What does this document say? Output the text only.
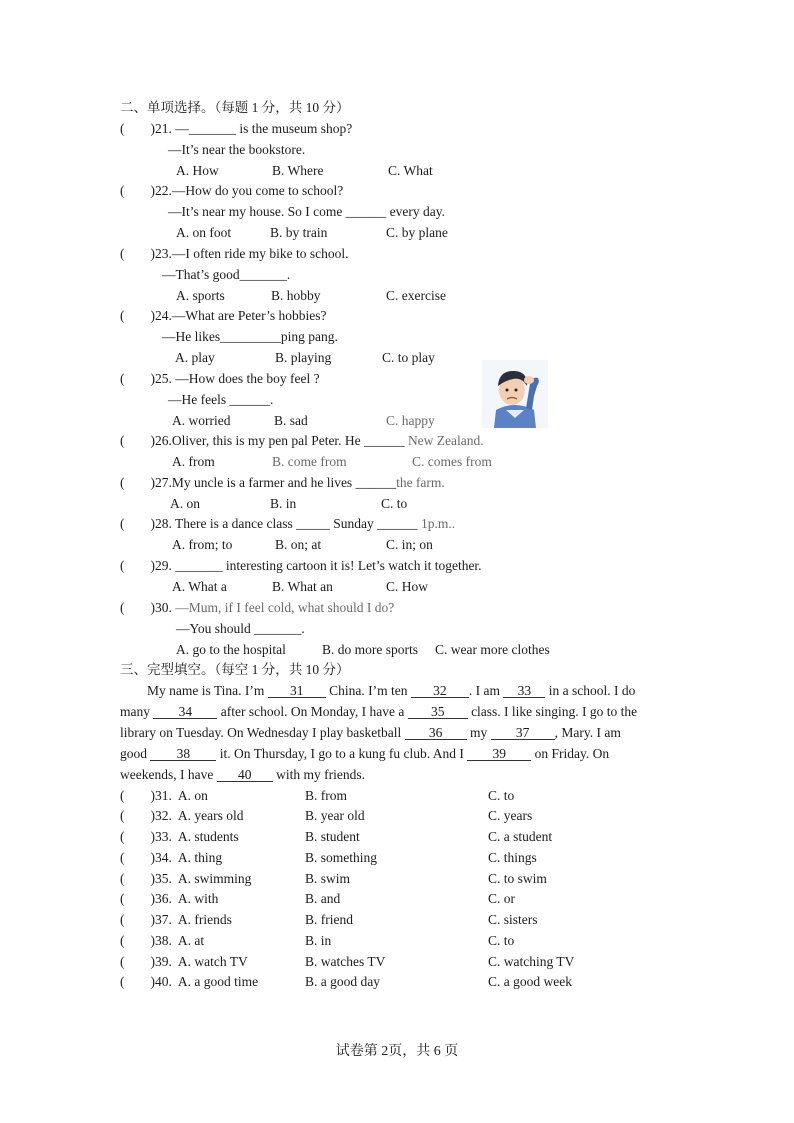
二、单项选择。（每题 1 分，共 10 分）
( )21. —_______ is the museum shop?
—It’s near the bookstore.
A. How	B. Where	C. What
( )22.—How do you come to school?
—It’s near my house. So I come ______ every day.
A. on foot	B. by train	C. by plane
( )23.—I often ride my bike to school.
—That’s good_______.
A. sports	B. hobby	C. exercise
( )24.—What are Peter’s hobbies?
—He likes_________ping pang.
A. play	B. playing	C. to play
( )25. —How does the boy feel ?
—He feels ______.
A. worried	B. sad	C. happy
( )26.Oliver, this is my pen pal Peter. He ______ New Zealand.
A. from	B. come from	C. comes from
( )27.My uncle is a farmer and he lives ______the farm.
A. on	B. in	C. to
( )28. There is a dance class _____ Sunday ______ 1p.m..
A. from; to	B. on; at	C. in; on
( )29. _______ interesting cartoon it is! Let’s watch it together.
A. What a	B. What an	C. How
( )30. —Mum, if I feel cold, what should I do?
—You should _______.
A. go to the hospital	B. do more sports C. wear more clothes
三、完型填空。（每空 1 分，共 10 分）
My name is Tina. I’m 31 China. I’m ten 32 . I am 33 in a school. I do
many 34 after school. On Monday, I have a 35 class. I like singing. I go to the
library on Tuesday. On Wednesday I play basketball 36 my 37 , Mary. I am
good 38 it. On Thursday, I go to a kung fu club. And I 39 on Friday. On
weekends, I have 40 with my friends.
( )31. A. on	B. from	C. to
( )32. A. years old	B. year old	C. years
( )33. A. students	B. student	C. a student
( )34. A. thing	B. something	C. things
( )35. A. swimming	B. swim	C. to swim
( )36. A. with	B. and	C. or
( )37. A. friends	B. friend	C. sisters
( )38. A. at	B. in	C. to
( )39. A. watch TV	B. watches TV	C. watching TV
( )40. A. a good time	B. a good day	C. a good week
试卷第 2页，共 6 页
